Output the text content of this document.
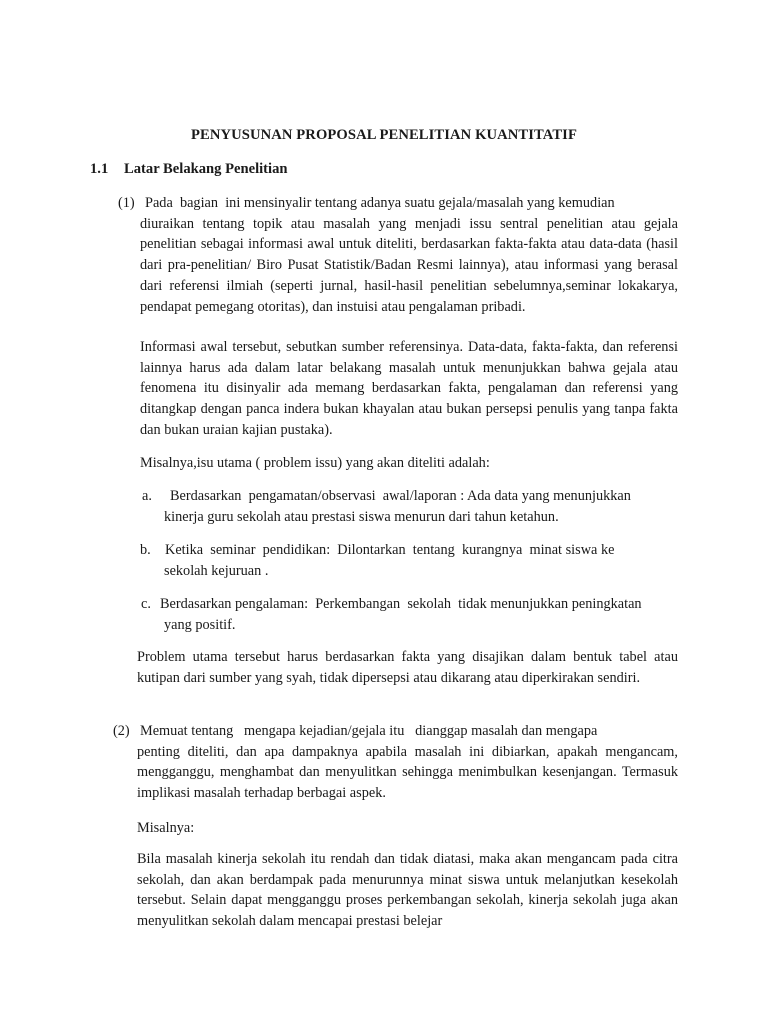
PENYUSUNAN PROPOSAL PENELITIAN KUANTITATIF
1.1 Latar Belakang Penelitian
(1) Pada  bagian  ini mensinyalir tentang adanya suatu gejala/masalah yang kemudian
diuraikan tentang topik atau masalah yang menjadi issu sentral penelitian atau gejala penelitian sebagai informasi awal untuk diteliti, berdasarkan fakta-fakta atau data-data (hasil dari pra-penelitian/ Biro Pusat Statistik/Badan Resmi lainnya), atau informasi yang berasal dari referensi ilmiah (seperti jurnal, hasil-hasil penelitian sebelumnya,seminar lokakarya, pendapat pemegang otoritas), dan instuisi atau pengalaman pribadi.
Informasi awal tersebut, sebutkan sumber referensinya. Data-data, fakta-fakta, dan referensi lainnya harus ada dalam latar belakang masalah untuk menunjukkan bahwa gejala atau fenomena itu disinyalir ada memang berdasarkan fakta, pengalaman dan referensi yang ditangkap dengan panca indera bukan khayalan atau bukan persepsi penulis yang tanpa fakta dan bukan uraian kajian pustaka).
Misalnya,isu utama ( problem issu) yang akan diteliti adalah:
a. Berdasarkan  pengamatan/observasi  awal/laporan : Ada data yang menunjukkan
kinerja guru sekolah atau prestasi siswa menurun dari tahun ketahun.
b. Ketika  seminar  pendidikan:  Dilontarkan  tentang  kurangnya  minat siswa ke
sekolah kejuruan .
c. Berdasarkan pengalaman:  Perkembangan  sekolah  tidak menunjukkan peningkatan
yang positif.
Problem utama tersebut harus berdasarkan fakta yang disajikan dalam bentuk tabel atau kutipan dari sumber yang syah, tidak dipersepsi atau dikarang atau diperkirakan sendiri.
(2) Memuat tentang   mengapa kejadian/gejala itu   dianggap masalah dan mengapa
penting diteliti, dan apa dampaknya apabila masalah ini dibiarkan, apakah mengancam, mengganggu, menghambat dan menyulitkan sehingga menimbulkan kesenjangan. Termasuk implikasi masalah terhadap berbagai aspek.
Misalnya:
Bila masalah kinerja sekolah itu rendah dan tidak diatasi, maka akan mengancam pada citra sekolah, dan akan berdampak pada menurunnya minat siswa untuk melanjutkan kesekolah tersebut. Selain dapat mengganggu proses perkembangan sekolah, kinerja sekolah juga akan menyulitkan sekolah dalam mencapai prestasi belejar
